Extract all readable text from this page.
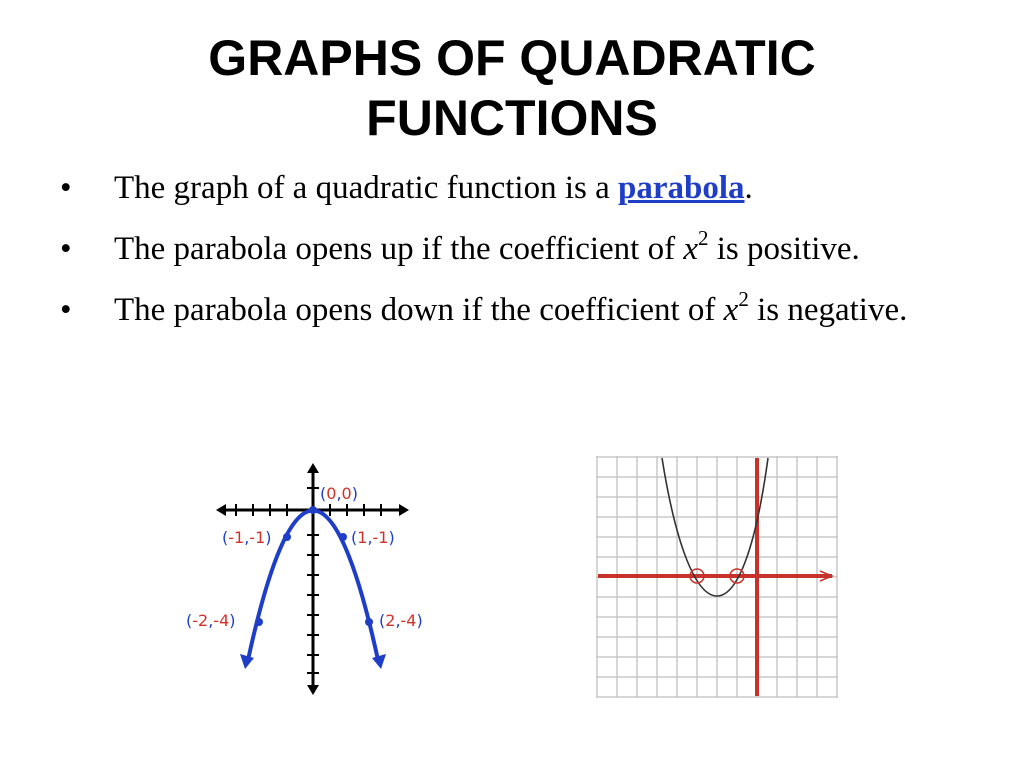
GRAPHS OF QUADRATIC
FUNCTIONS
• The graph of a quadratic function is a parabola.
• The parabola opens up if the coefficient of $x^2$ is positive.
• The parabola opens down if the coefficient of $x^2$ is negative.
(0,0)
(-1,-1)	(1,-1)
(-2,-4)	(2,-4)
